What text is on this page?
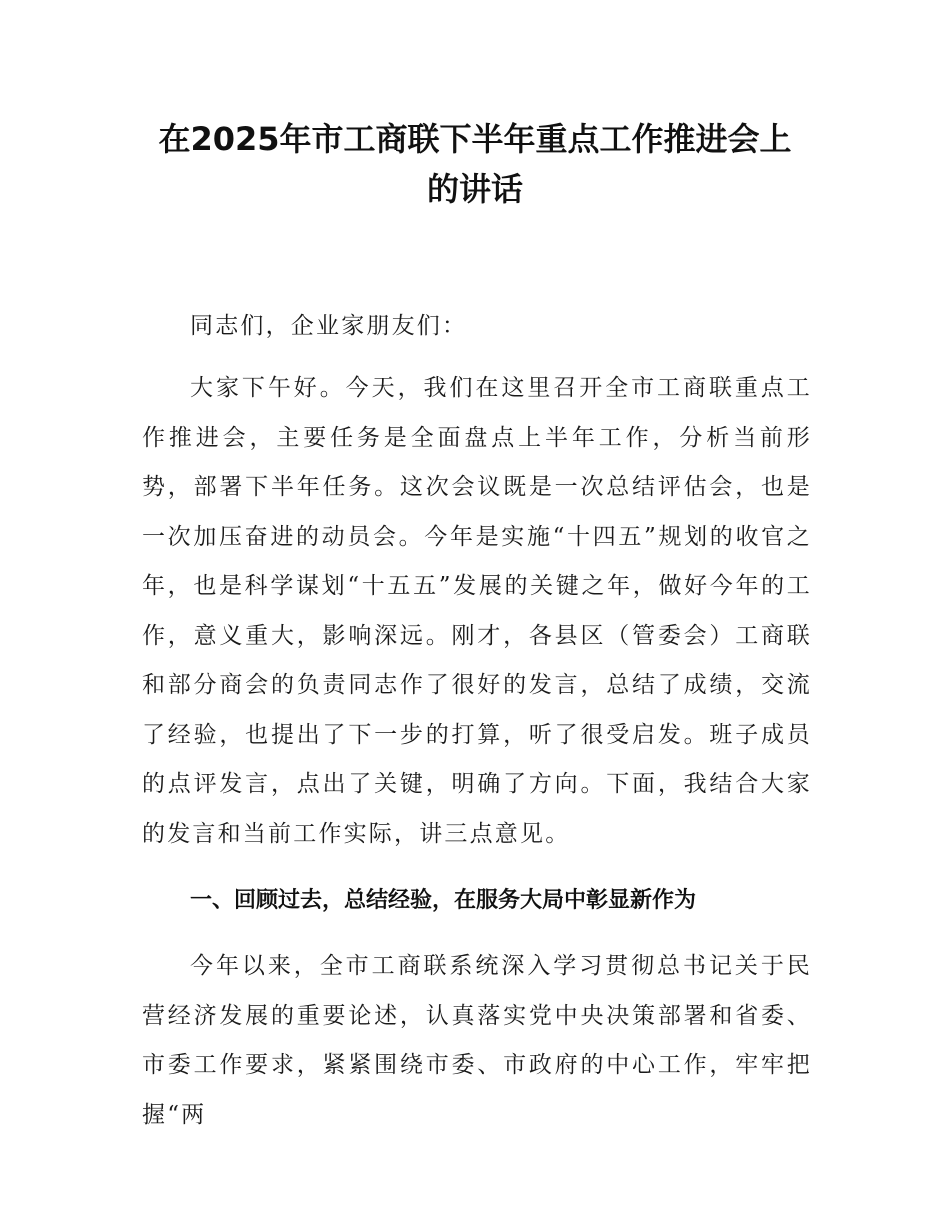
在2025年市工商联下半年重点工作推进会上
的讲话

同志们，企业家朋友们：

大家下午好。今天，我们在这里召开全市工商联重点工作推进会，主要任务是全面盘点上半年工作，分析当前形势，部署下半年任务。这次会议既是一次总结评估会，也是一次加压奋进的动员会。今年是实施“十四五”规划的收官之年，也是科学谋划“十五五”发展的关键之年，做好今年的工作，意义重大，影响深远。刚才，各县区（管委会）工商联和部分商会的负责同志作了很好的发言，总结了成绩，交流了经验，也提出了下一步的打算，听了很受启发。班子成员的点评发言，点出了关键，明确了方向。下面，我结合大家的发言和当前工作实际，讲三点意见。

一、回顾过去，总结经验，在服务大局中彰显新作为

今年以来，全市工商联系统深入学习贯彻总书记关于民营经济发展的重要论述，认真落实党中央决策部署和省委、市委工作要求，紧紧围绕市委、市政府的中心工作，牢牢把握“两
